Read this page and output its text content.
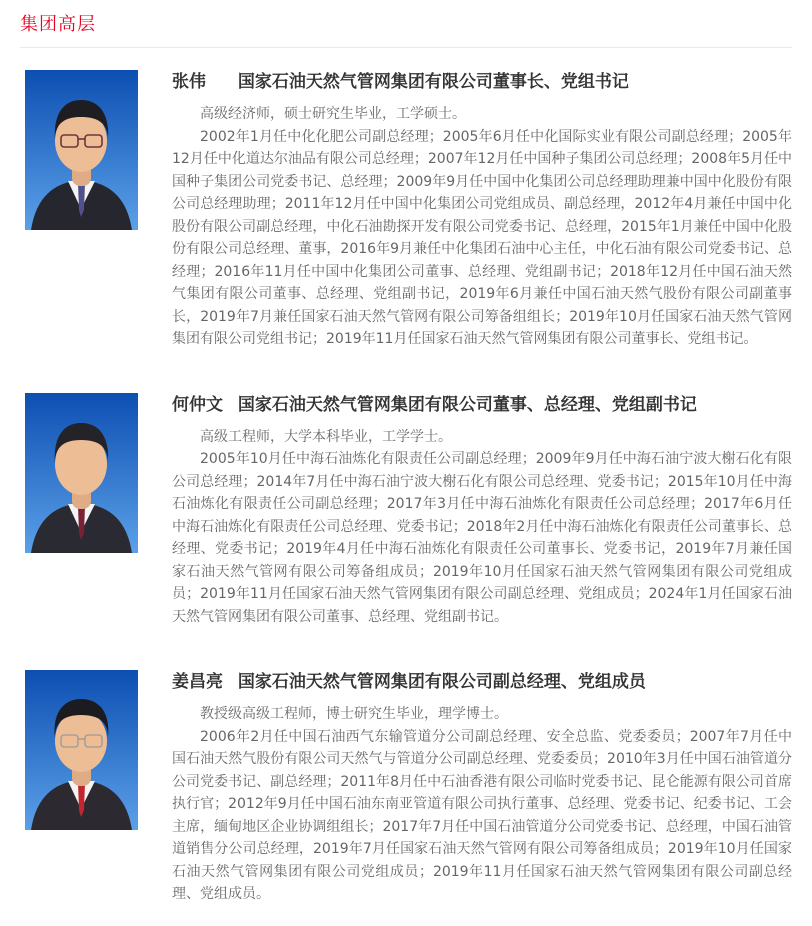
集团高层
张伟 国家石油天然气管网集团有限公司董事长、党组书记

高级经济师，硕士研究生毕业，工学硕士。

2002年1月任中化化肥公司副总经理；2005年6月任中化国际实业有限公司副总经理；2005年12月任中化道达尔油品有限公司总经理；2007年12月任中国种子集团公司总经理；2008年5月任中国种子集团公司党委书记、总经理；2009年9月任中国中化集团公司总经理助理兼中国中化股份有限公司总经理助理；2011年12月任中国中化集团公司党组成员、副总经理，2012年4月兼任中国中化股份有限公司副总经理，中化石油勘探开发有限公司党委书记、总经理，2015年1月兼任中国中化股份有限公司总经理、董事，2016年9月兼任中化集团石油中心主任，中化石油有限公司党委书记、总经理；2016年11月任中国中化集团公司董事、总经理、党组副书记；2018年12月任中国石油天然气集团有限公司董事、总经理、党组副书记，2019年6月兼任中国石油天然气股份有限公司副董事长，2019年7月兼任国家石油天然气管网有限公司筹备组组长；2019年10月任国家石油天然气管网集团有限公司党组书记；2019年11月任国家石油天然气管网集团有限公司董事长、党组书记。

何仲文 国家石油天然气管网集团有限公司董事、总经理、党组副书记

高级工程师，大学本科毕业，工学学士。

2005年10月任中海石油炼化有限责任公司副总经理；2009年9月任中海石油宁波大榭石化有限公司总经理；2014年7月任中海石油宁波大榭石化有限公司总经理、党委书记；2015年10月任中海石油炼化有限责任公司副总经理；2017年3月任中海石油炼化有限责任公司总经理；2017年6月任中海石油炼化有限责任公司总经理、党委书记；2018年2月任中海石油炼化有限责任公司董事长、总经理、党委书记；2019年4月任中海石油炼化有限责任公司董事长、党委书记，2019年7月兼任国家石油天然气管网有限公司筹备组成员；2019年10月任国家石油天然气管网集团有限公司党组成员；2019年11月任国家石油天然气管网集团有限公司副总经理、党组成员；2024年1月任国家石油天然气管网集团有限公司董事、总经理、党组副书记。

姜昌亮 国家石油天然气管网集团有限公司副总经理、党组成员

教授级高级工程师，博士研究生毕业，理学博士。

2006年2月任中国石油西气东输管道分公司副总经理、安全总监、党委委员；2007年7月任中国石油天然气股份有限公司天然气与管道分公司副总经理、党委委员；2010年3月任中国石油管道分公司党委书记、副总经理；2011年8月任中石油香港有限公司临时党委书记、昆仑能源有限公司首席执行官；2012年9月任中国石油东南亚管道有限公司执行董事、总经理、党委书记、纪委书记、工会主席，缅甸地区企业协调组组长；2017年7月任中国石油管道分公司党委书记、总经理，中国石油管道销售分公司总经理，2019年7月任国家石油天然气管网有限公司筹备组成员；2019年10月任国家石油天然气管网集团有限公司党组成员；2019年11月任国家石油天然气管网集团有限公司副总经理、党组成员。
